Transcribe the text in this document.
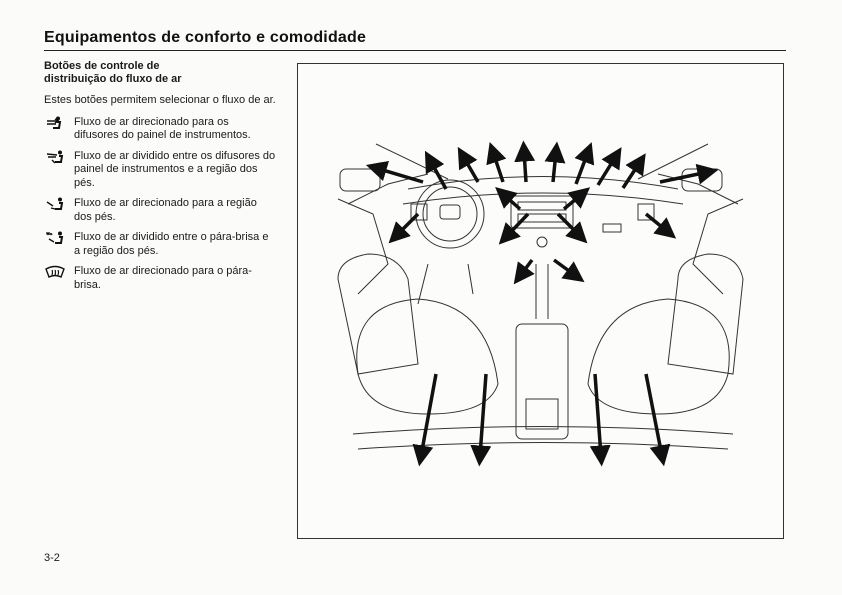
Equipamentos de conforto e comodidade
Botões de controle de
distribuição do fluxo de ar

Estes botões permitem selecionar o fluxo de ar.

Fluxo de ar direcionado para os difusores do painel de instrumentos.
Fluxo de ar dividido entre os difusores do painel de instrumentos e a região dos pés.
Fluxo de ar direcionado para a região dos pés.
Fluxo de ar dividido entre o pára-brisa e a região dos pés.
Fluxo de ar direcionado para o pára-brisa.
3-2
